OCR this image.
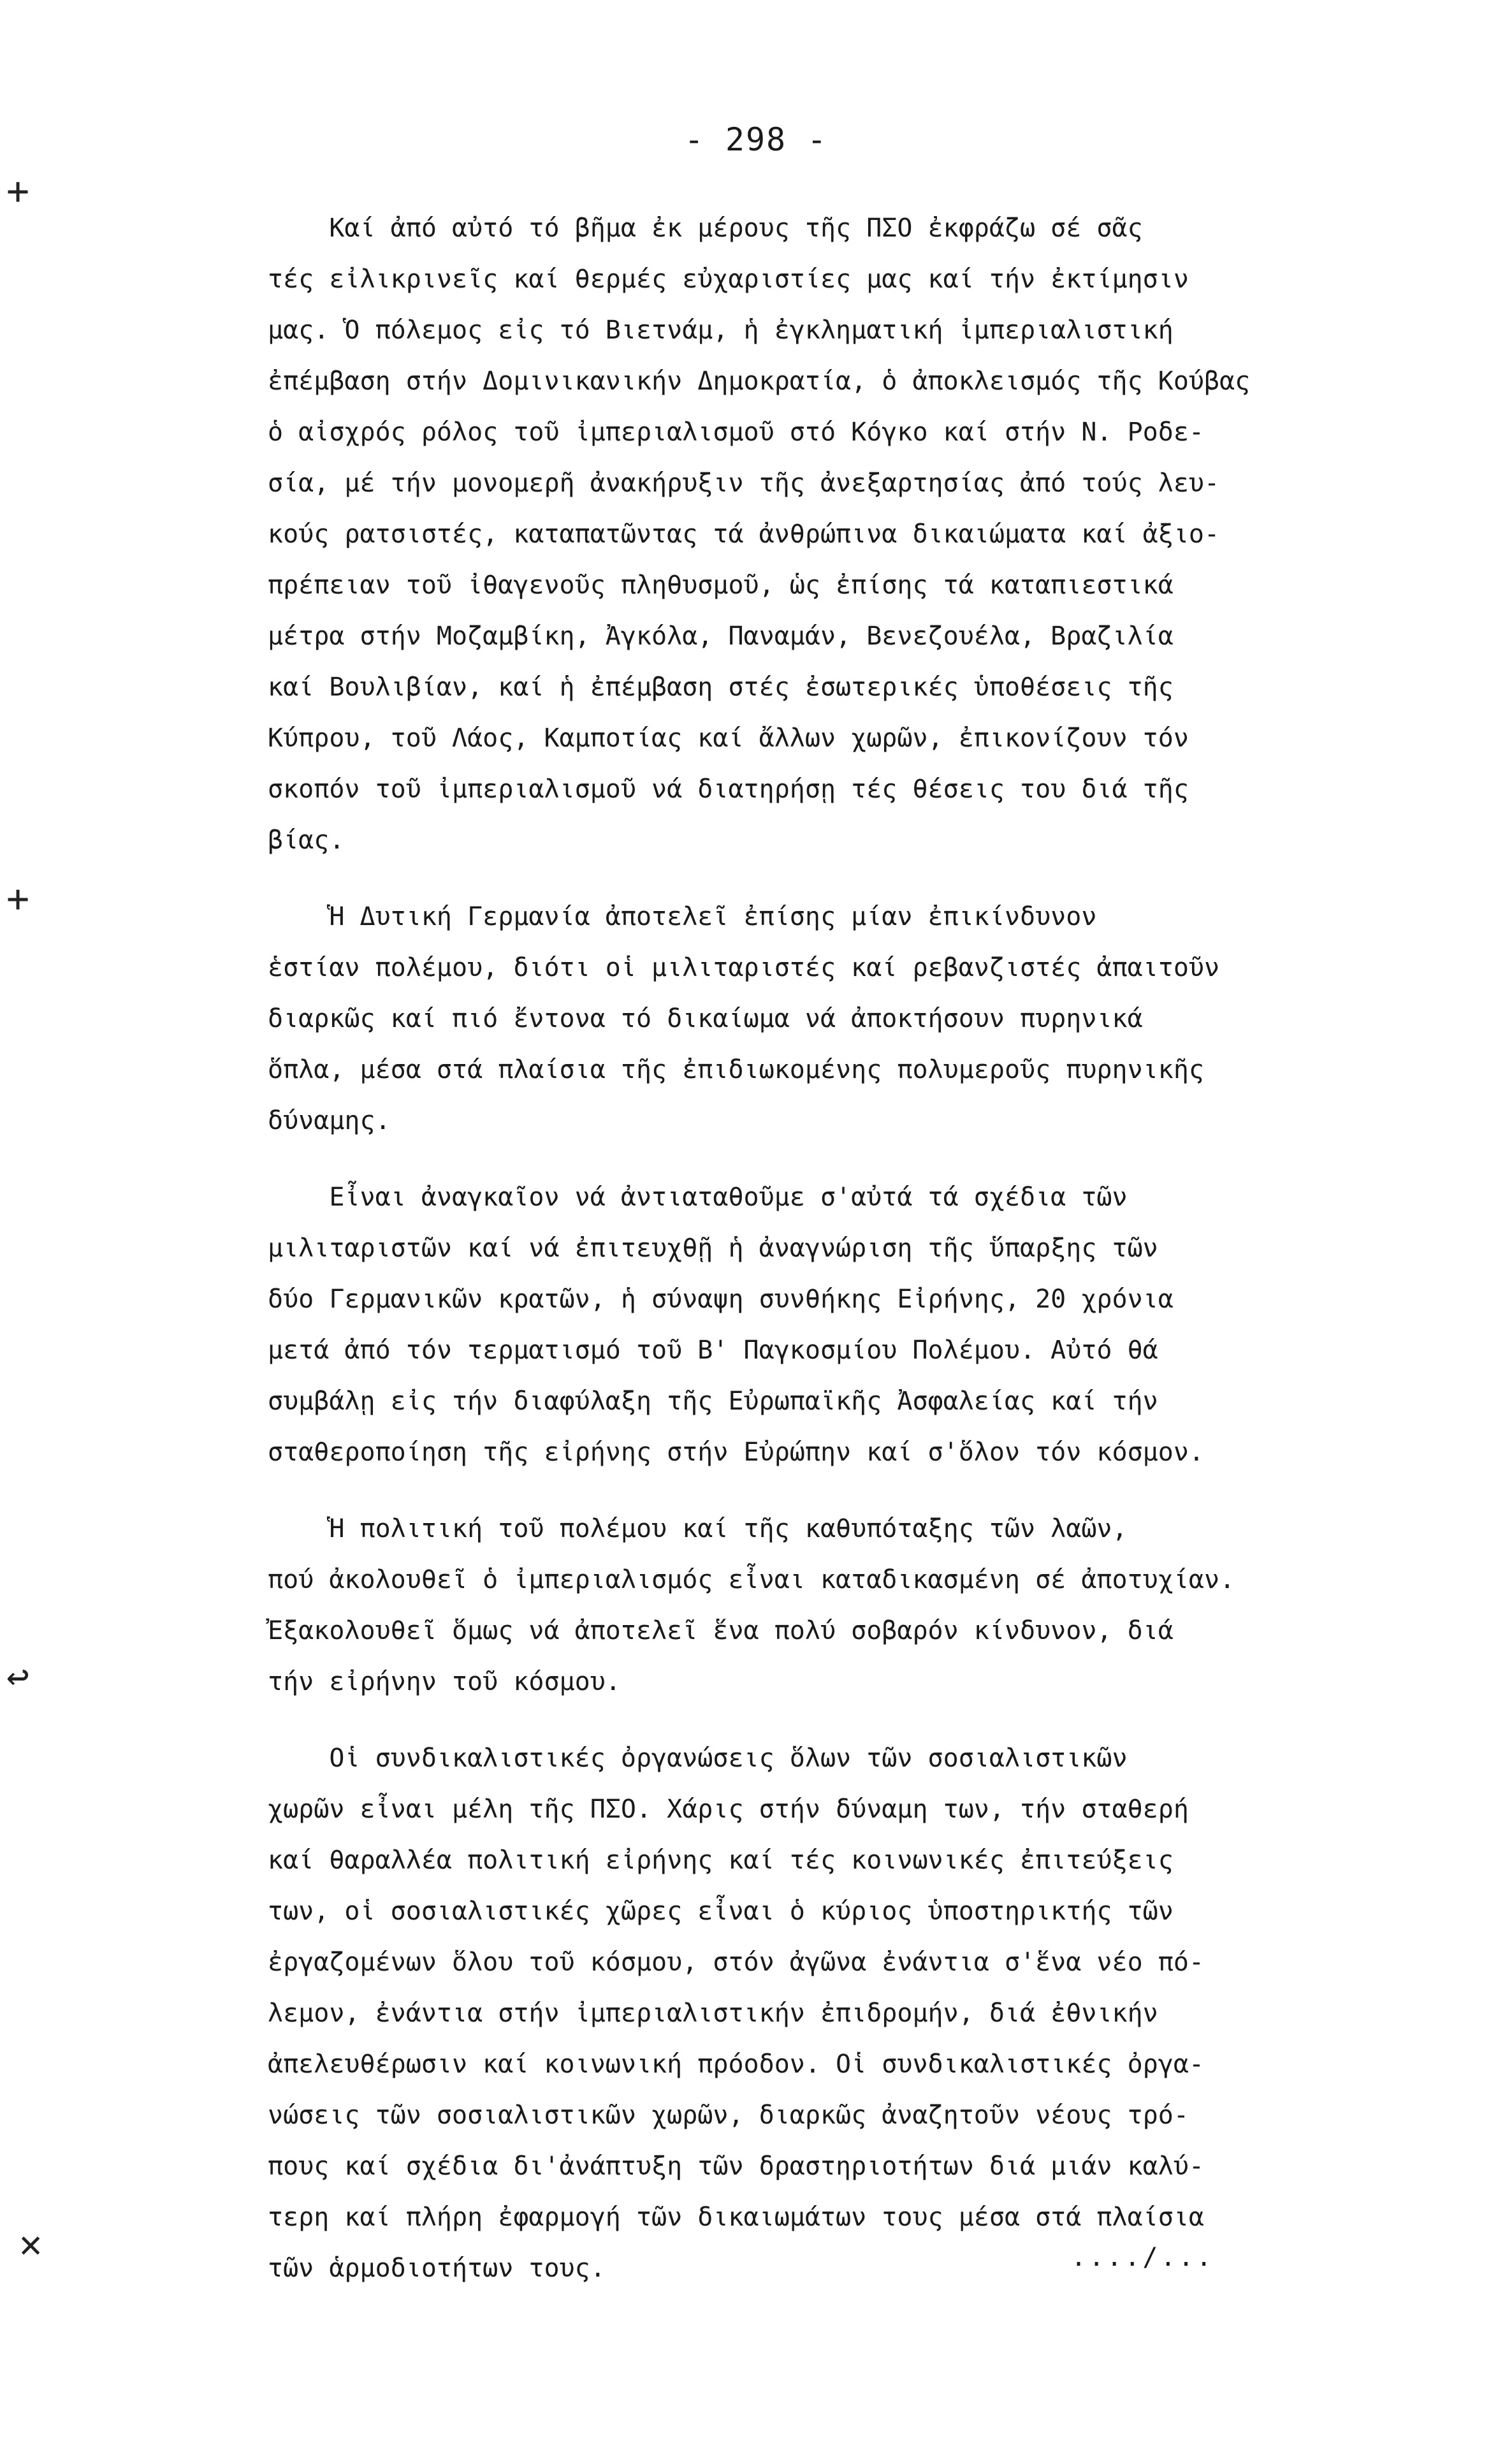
- 298 -
+
+
↩
✕
Καί ἀπό αὐτό τό βῆμα ἐκ μέρους τῆς ΠΣΟ ἐκφράζω σέ σᾶς
τές εἰλικρινεῖς καί θερμές εὐχαριστίες μας καί τήν ἐκτίμησιν
μας. Ὁ πόλεμος εἰς τό Βιετνάμ, ἡ ἐγκληματική ἰμπεριαλιστική
ἐπέμβαση στήν Δομινικανικήν Δημοκρατία, ὁ ἀποκλεισμός τῆς Κούβας
ὁ αἰσχρός ρόλος τοῦ ἰμπεριαλισμοῦ στό Κόγκο καί στήν Ν. Ροδε-
σία, μέ τήν μονομερῆ ἀνακήρυξιν τῆς ἀνεξαρτησίας ἀπό τούς λευ-
κούς ρατσιστές, καταπατῶντας τά ἀνθρώπινα δικαιώματα καί ἀξιο-
πρέπειαν τοῦ ἰθαγενοῦς πληθυσμοῦ, ὡς ἐπίσης τά καταπιεστικά
μέτρα στήν Μοζαμβίκη, Ἀγκόλα, Παναμάν, Βενεζουέλα, Βραζιλία
καί Βουλιβίαν, καί ἡ ἐπέμβαση στές ἐσωτερικές ὑποθέσεις τῆς
Κύπρου, τοῦ Λάος, Καμποτίας καί ἄλλων χωρῶν, ἐπικονίζουν τόν
σκοπόν τοῦ ἰμπεριαλισμοῦ νά διατηρήσῃ τές θέσεις του διά τῆς
βίας.
Ἡ Δυτική Γερμανία ἀποτελεῖ ἐπίσης μίαν ἐπικίνδυνον
ἑστίαν πολέμου, διότι οἱ μιλιταριστές καί ρεβανζιστές ἀπαιτοῦν
διαρκῶς καί πιό ἔντονα τό δικαίωμα νά ἀποκτήσουν πυρηνικά
ὅπλα, μέσα στά πλαίσια τῆς ἐπιδιωκομένης πολυμεροῦς πυρηνικῆς
δύναμης.
Εἶναι ἀναγκαῖον νά ἀντιαταθοῦμε σ'αὐτά τά σχέδια τῶν
μιλιταριστῶν καί νά ἐπιτευχθῇ ἡ ἀναγνώριση τῆς ὕπαρξης τῶν
δύο Γερμανικῶν κρατῶν, ἡ σύναψη συνθήκης Εἰρήνης, 20 χρόνια
μετά ἀπό τόν τερματισμό τοῦ Β' Παγκοσμίου Πολέμου. Αὐτό θά
συμβάλῃ εἰς τήν διαφύλαξη τῆς Εὐρωπαϊκῆς Ἀσφαλείας καί τήν
σταθεροποίηση τῆς εἰρήνης στήν Εὐρώπην καί σ'ὅλον τόν κόσμον.
Ἡ πολιτική τοῦ πολέμου καί τῆς καθυπόταξης τῶν λαῶν,
πού ἀκολουθεῖ ὁ ἰμπεριαλισμός εἶναι καταδικασμένη σέ ἀποτυχίαν.
Ἐξακολουθεῖ ὅμως νά ἀποτελεῖ ἕνα πολύ σοβαρόν κίνδυνον, διά
τήν εἰρήνην τοῦ κόσμου.
Οἱ συνδικαλιστικές ὀργανώσεις ὅλων τῶν σοσιαλιστικῶν
χωρῶν εἶναι μέλη τῆς ΠΣΟ. Χάρις στήν δύναμη των, τήν σταθερή
καί θαραλλέα πολιτική εἰρήνης καί τές κοινωνικές ἐπιτεύξεις
των, οἱ σοσιαλιστικές χῶρες εἶναι ὁ κύριος ὑποστηρικτής τῶν
ἐργαζομένων ὅλου τοῦ κόσμου, στόν ἀγῶνα ἐνάντια σ'ἕνα νέο πό-
λεμον, ἐνάντια στήν ἰμπεριαλιστικήν ἐπιδρομήν, διά ἐθνικήν
ἀπελευθέρωσιν καί κοινωνική πρόοδον. Οἱ συνδικαλιστικές ὀργα-
νώσεις τῶν σοσιαλιστικῶν χωρῶν, διαρκῶς ἀναζητοῦν νέους τρό-
πους καί σχέδια δι'ἀνάπτυξη τῶν δραστηριοτήτων διά μιάν καλύ-
τερη καί πλήρη ἐφαρμογή τῶν δικαιωμάτων τους μέσα στά πλαίσια
τῶν ἁρμοδιοτήτων τους.	..../...
